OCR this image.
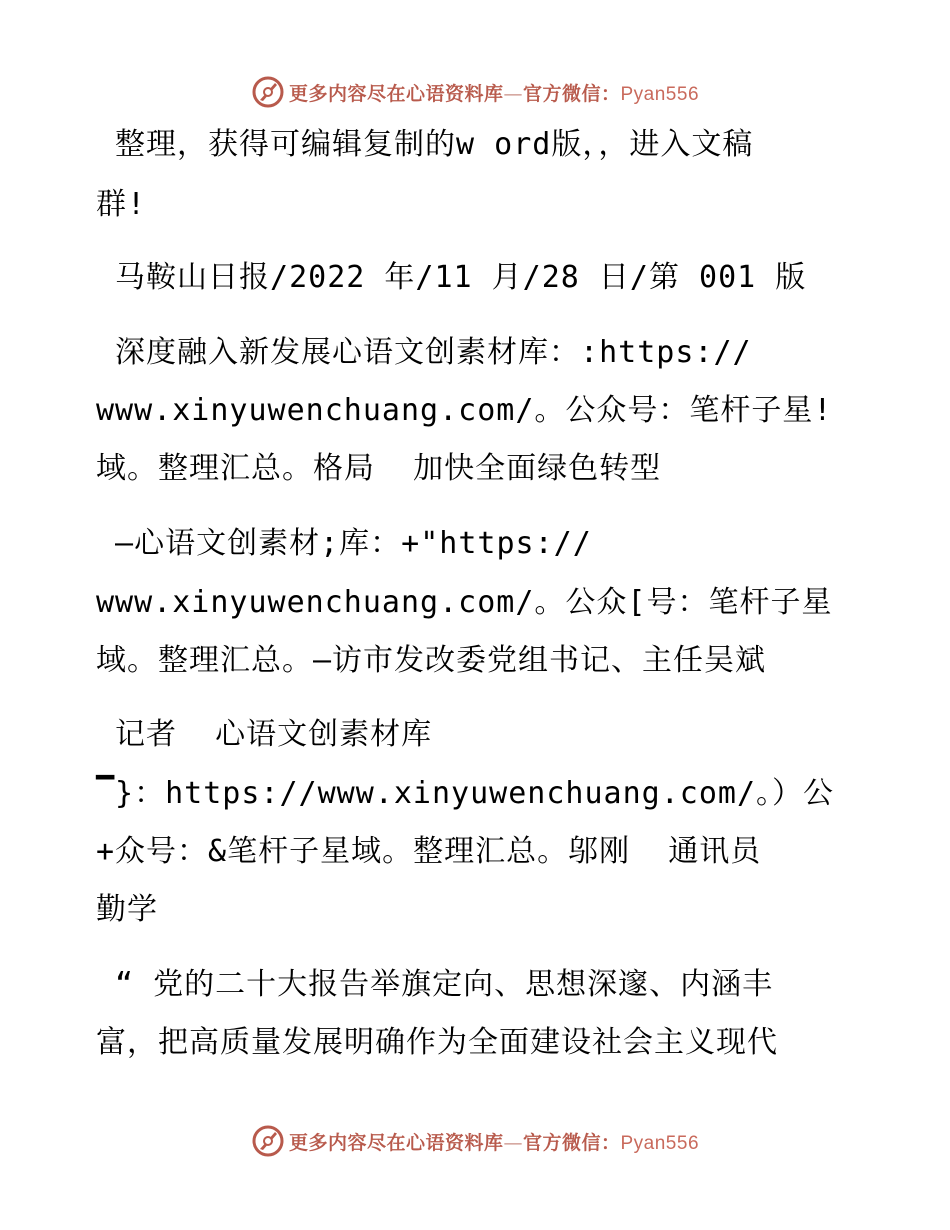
更多内容尽在心语资料库—官方微信：Pyan556
整理，获得可编辑复制的w ord版，，进入文稿
群!
马鞍山日报/2022 年/11 月/28 日/第 001 版
深度融入新发展心语文创素材库：:https://
www.xinyuwenchuang.com/。公众号：笔杆子星!
域。整理汇总。格局  加快全面绿色转型
—心语文创素材;库：+"https://
www.xinyuwenchuang.com/。公众[号：笔杆子星
域。整理汇总。—访市发改委党组书记、主任吴斌
记者  心语文创素材库
▔}：https://www.xinyuwenchuang.com/。）公
+众号：&笔杆子星域。整理汇总。邬刚  通讯员
勤学
“ 党的二十大报告举旗定向、思想深邃、内涵丰
富，把高质量发展明确作为全面建设社会主义现代
更多内容尽在心语资料库—官方微信：Pyan556
